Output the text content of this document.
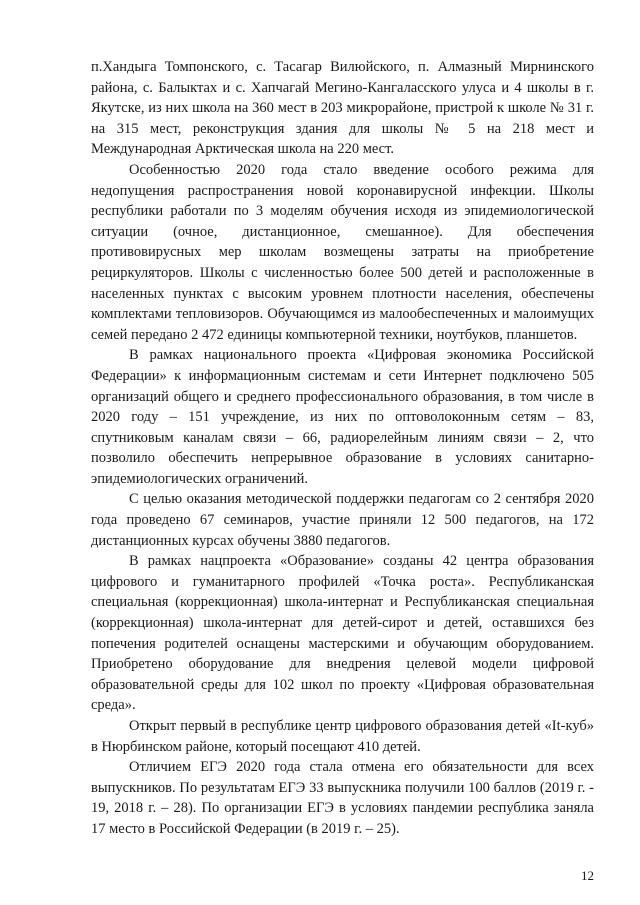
п.Хандыга Томпонского, с. Тасагар Вилюйского, п. Алмазный Мирнинского района, с. Балыктах и с. Хапчагай Мегино-Кангаласского улуса и 4 школы в г. Якутске, из них школа на 360 мест в 203 микрорайоне, пристрой к школе № 31 г. на 315 мест, реконструкция здания для школы № 5 на 218 мест и Международная Арктическая школа на 220 мест.

Особенностью 2020 года стало введение особого режима для недопущения распространения новой коронавирусной инфекции. Школы республики работали по 3 моделям обучения исходя из эпидемиологической ситуации (очное, дистанционное, смешанное). Для обеспечения противовирусных мер школам возмещены затраты на приобретение рециркуляторов. Школы с численностью более 500 детей и расположенные в населенных пунктах с высоким уровнем плотности населения, обеспечены комплектами тепловизоров. Обучающимся из малообеспеченных и малоимущих семей передано 2 472 единицы компьютерной техники, ноутбуков, планшетов.

В рамках национального проекта «Цифровая экономика Российской Федерации» к информационным системам и сети Интернет подключено 505 организаций общего и среднего профессионального образования, в том числе в 2020 году – 151 учреждение, из них по оптоволоконным сетям – 83, спутниковым каналам связи – 66, радиорелейным линиям связи – 2, что позволило обеспечить непрерывное образование в условиях санитарно-эпидемиологических ограничений.

С целью оказания методической поддержки педагогам со 2 сентября 2020 года проведено 67 семинаров, участие приняли 12 500 педагогов, на 172 дистанционных курсах обучены 3880 педагогов.

В рамках нацпроекта «Образование» созданы 42 центра образования цифрового и гуманитарного профилей «Точка роста». Республиканская специальная (коррекционная) школа-интернат и Республиканская специальная (коррекционная) школа-интернат для детей-сирот и детей, оставшихся без попечения родителей оснащены мастерскими и обучающим оборудованием. Приобретено оборудование для внедрения целевой модели цифровой образовательной среды для 102 школ по проекту «Цифровая образовательная среда».

Открыт первый в республике центр цифрового образования детей «It-куб» в Нюрбинском районе, который посещают 410 детей.

Отличием ЕГЭ 2020 года стала отмена его обязательности для всех выпускников. По результатам ЕГЭ 33 выпускника получили 100 баллов (2019 г. - 19, 2018 г. – 28). По организации ЕГЭ в условиях пандемии республика заняла 17 место в Российской Федерации (в 2019 г. – 25).

12
